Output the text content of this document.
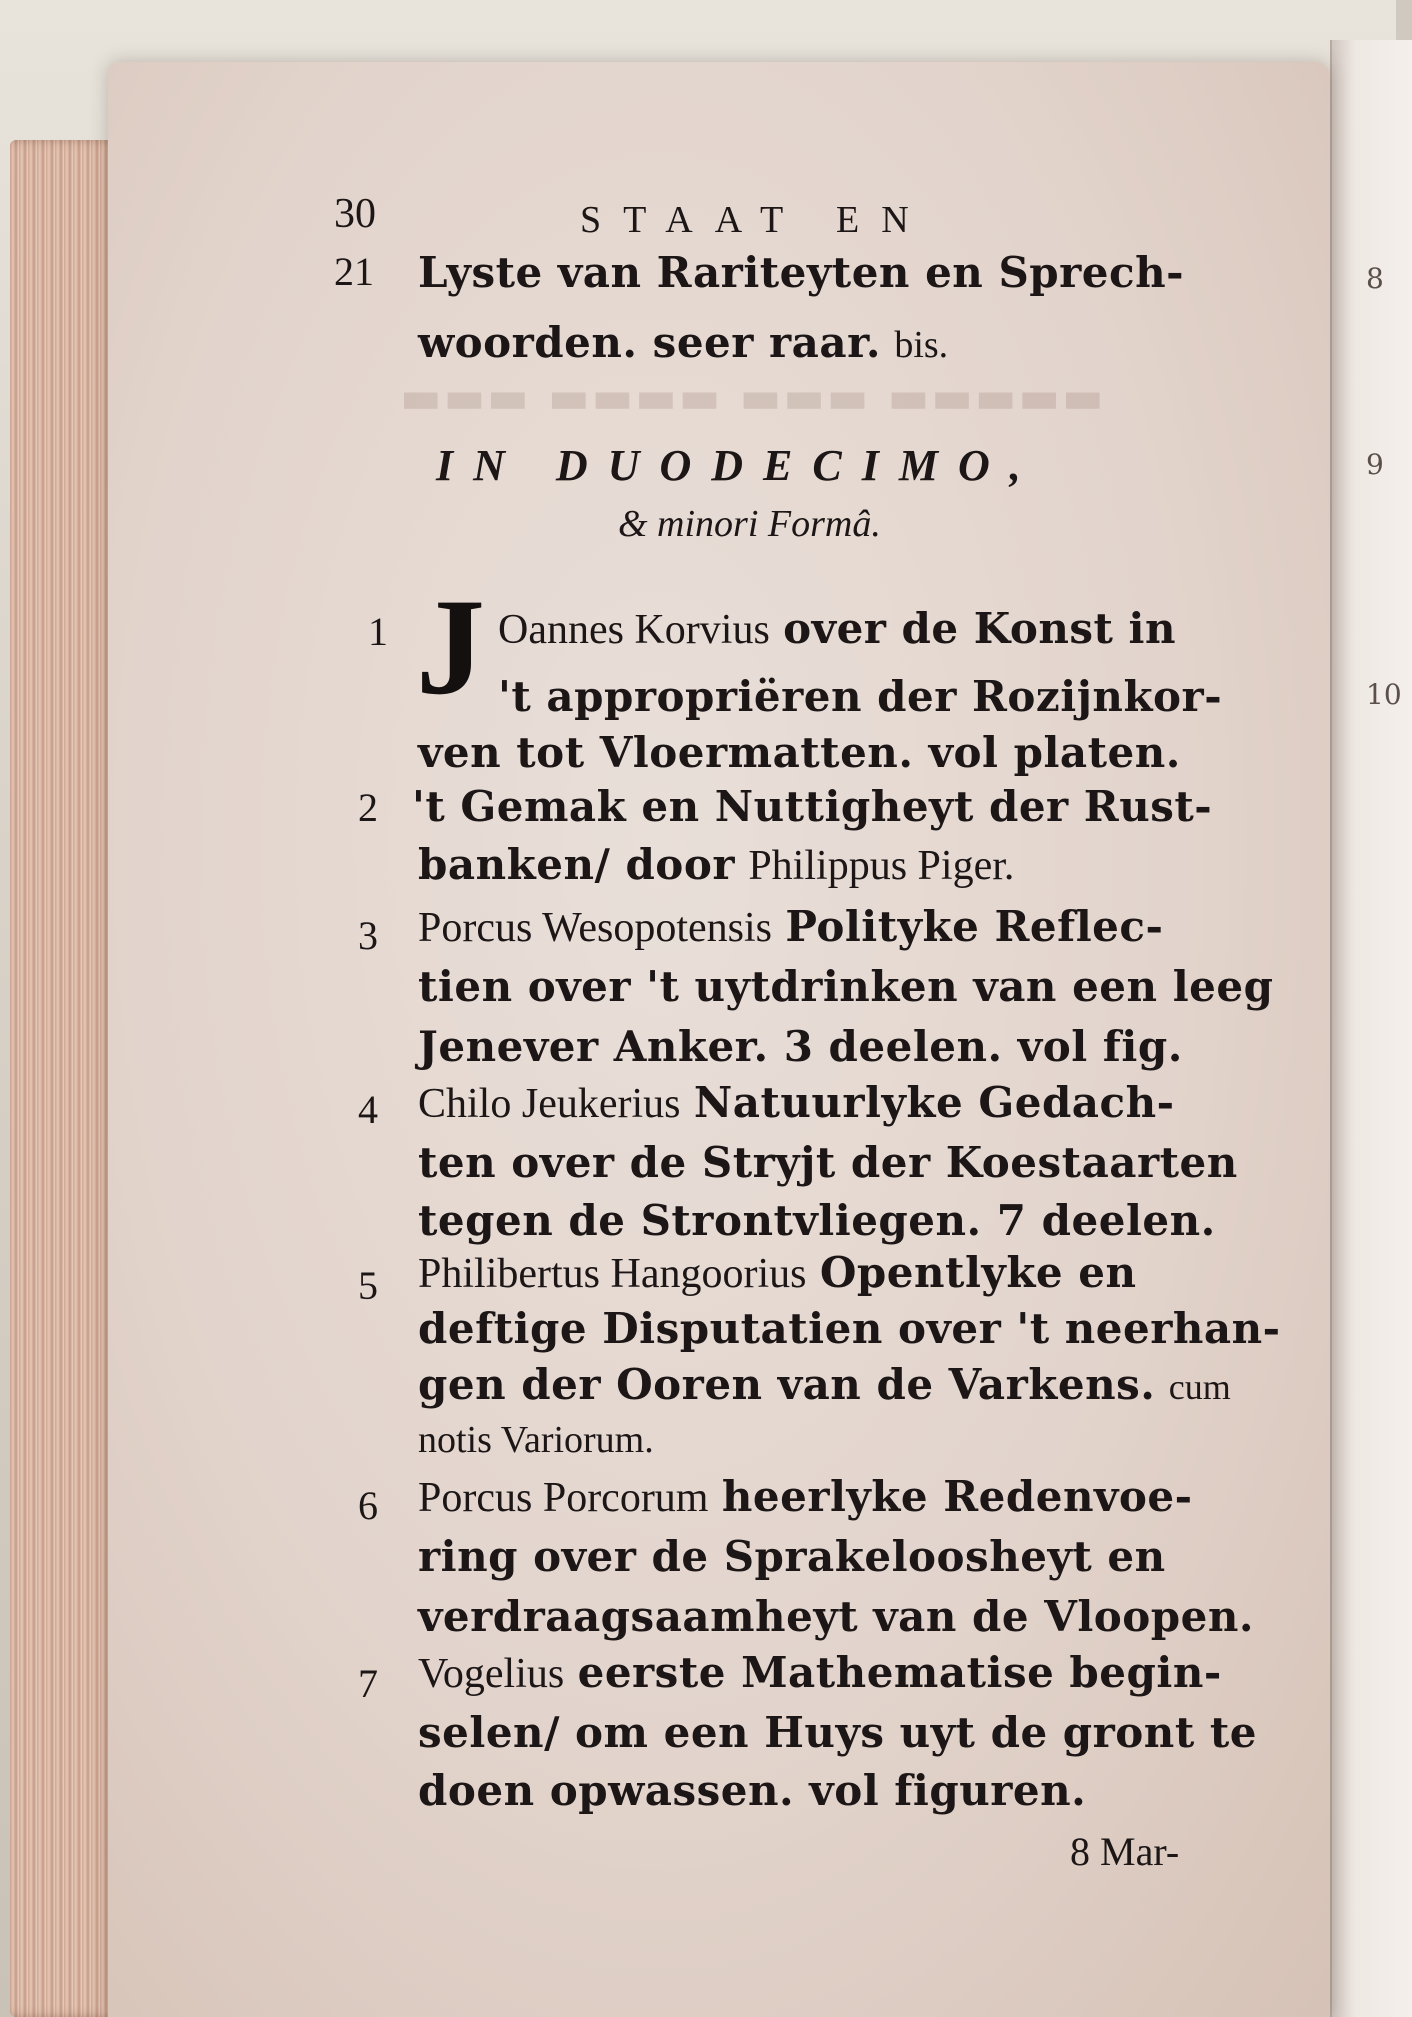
8
9
10
30	STAAT EN
21 Lyste van Rariteyten en Sprech-
woorden. seer raar. bis.
▬▬▬ ▬▬▬▬ ▬▬▬ ▬▬▬▬▬
IN DUODECIMO,
& minori Formâ.
1 J Oannes Korvius over de Konst in
't appropriëren der Rozijnkor-
ven tot Vloermatten. vol platen.
2 't Gemak en Nuttigheyt der Rust-
banken/ door Philippus Piger.
3 Porcus Wesopotensis Polityke Reflec-
tien over 't uytdrinken van een leeg
Jenever Anker. 3 deelen. vol fig.
4 Chilo Jeukerius Natuurlyke Gedach-
ten over de Stryjt der Koestaarten
tegen de Strontvliegen. 7 deelen.
5 Philibertus Hangoorius Opentlyke en
deftige Disputatien over 't neerhan-
gen der Ooren van de Varkens. cum
notis Variorum.
6 Porcus Porcorum heerlyke Redenvoe-
ring over de Sprakeloosheyt en
verdraagsaamheyt van de Vloopen.
7 Vogelius eerste Mathematise begin-
selen/ om een Huys uyt de gront te
doen opwassen. vol figuren.
8 Mar-
